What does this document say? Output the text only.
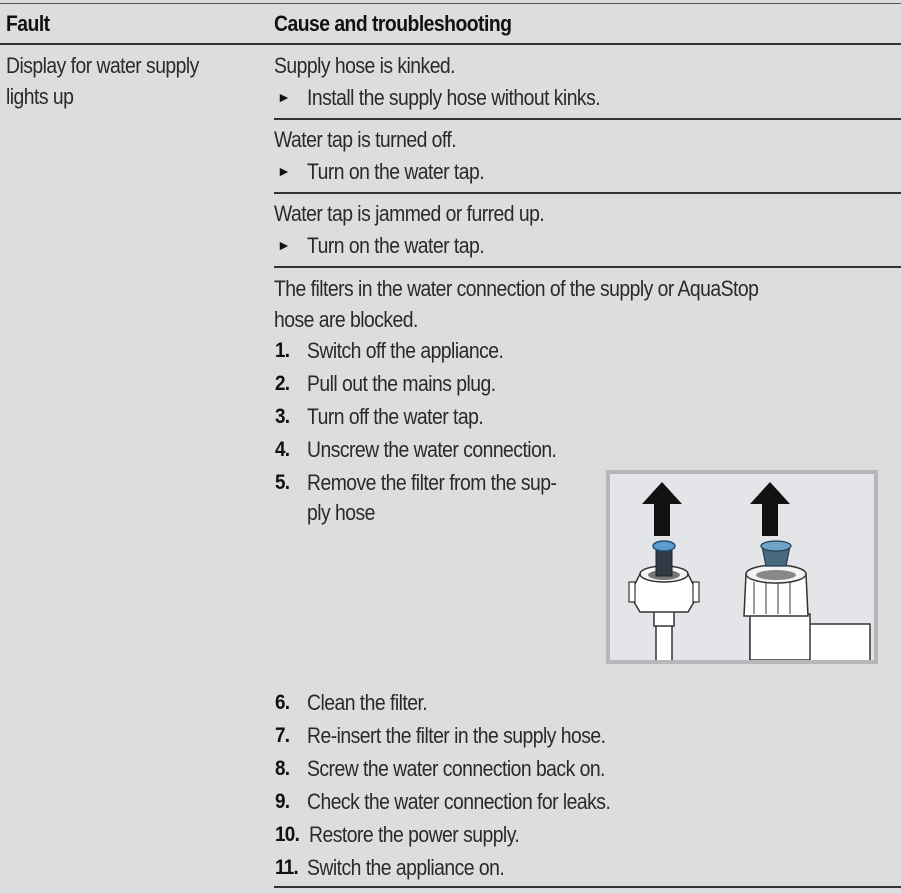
Fault	Cause and troubleshooting
Display for water supply
lights up
Supply hose is kinked.
► Install the supply hose without kinks.
Water tap is turned off.
► Turn on the water tap.
Water tap is jammed or furred up.
► Turn on the water tap.
The filters in the water connection of the supply or AquaStop
hose are blocked.
1. Switch off the appliance.
2. Pull out the mains plug.
3. Turn off the water tap.
4. Unscrew the water connection.
5. Remove the filter from the sup-
ply hose
6. Clean the filter.
7. Re-insert the filter in the supply hose.
8. Screw the water connection back on.
9. Check the water connection for leaks.
10. Restore the power supply.
11. Switch the appliance on.
